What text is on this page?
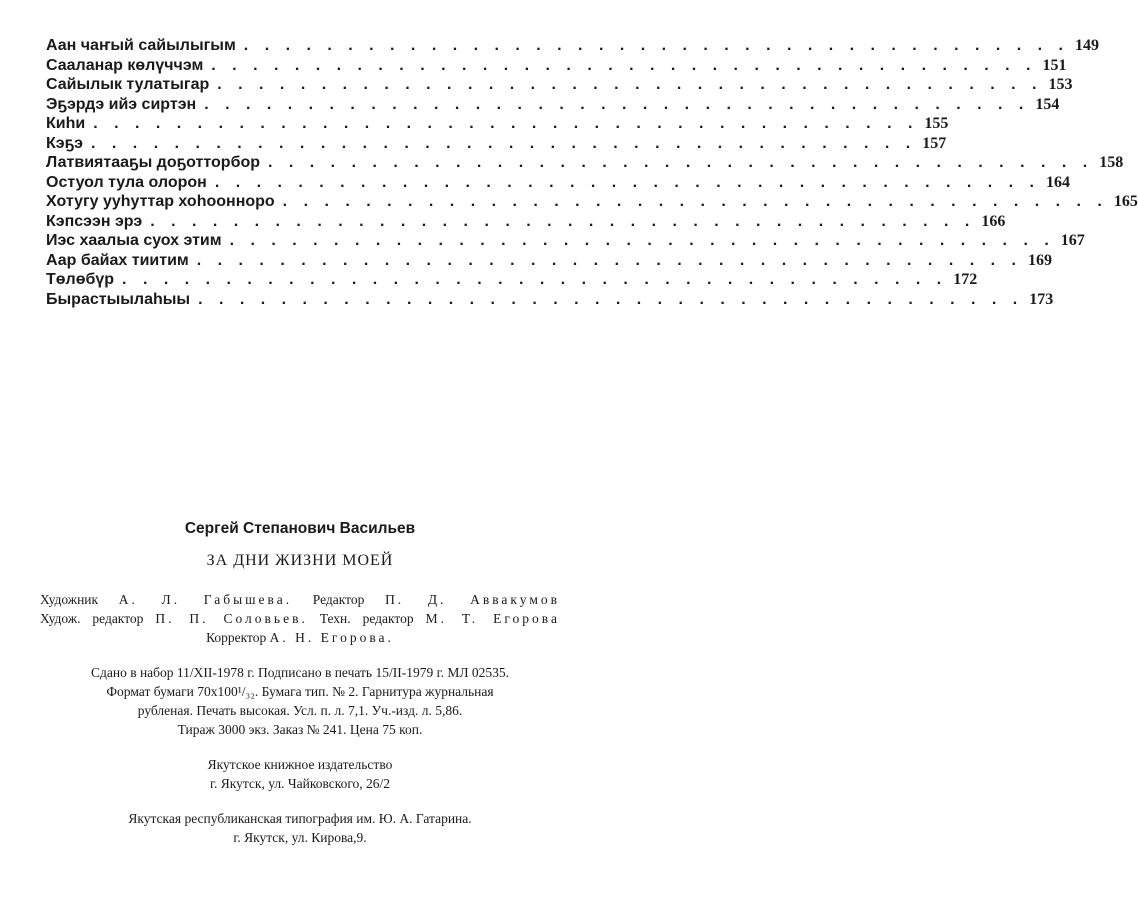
Аан чаҥый сайылыгым . . . . . . . . . . . . . . . . . . . . . . . . . . . . . . . . . . . . . . . . 149
Сааланар көлүччэм . . . . . . . . . . . . . . . . . . . . . . . . . . . . . . . . . . . . . . . . 151
Сайылык тулатыгар . . . . . . . . . . . . . . . . . . . . . . . . . . . . . . . . . . . . . . . . 153
Эҕэрдэ ийэ сиртэн . . . . . . . . . . . . . . . . . . . . . . . . . . . . . . . . . . . . . . . . 154
Киһи . . . . . . . . . . . . . . . . . . . . . . . . . . . . . . . . . . . . . . . . 155
Кэҕэ . . . . . . . . . . . . . . . . . . . . . . . . . . . . . . . . . . . . . . . . 157
Латвиятааҕы доҕотторбор . . . . . . . . . . . . . . . . . . . . . . . . . . . . . . . . . . . . . . . . 158
Остуол тула олорон . . . . . . . . . . . . . . . . . . . . . . . . . . . . . . . . . . . . . . . . 164
Хотугу ууһуттар хоһооннoро . . . . . . . . . . . . . . . . . . . . . . . . . . . . . . . . . . . . . . . . 165
Кэпсээн эрэ . . . . . . . . . . . . . . . . . . . . . . . . . . . . . . . . . . . . . . . . 166
Иэс хаалыа суох этим . . . . . . . . . . . . . . . . . . . . . . . . . . . . . . . . . . . . . . . . 167
Аар байах тиитим . . . . . . . . . . . . . . . . . . . . . . . . . . . . . . . . . . . . . . . . 169
Төлөбүр . . . . . . . . . . . . . . . . . . . . . . . . . . . . . . . . . . . . . . . . 172
Бырастыылаһыы . . . . . . . . . . . . . . . . . . . . . . . . . . . . . . . . . . . . . . . . 173

Сергей Степанович Васильев

ЗА ДНИ ЖИЗНИ МОЕЙ

Художник А. Л. Габышева. Редактор П. Д. Аввакумов
Худож. редактор П. П. Соловьев. Техн. редактор М. Т. Егорова
Корректор А. Н. Егорова.
Сдано в набор 11/XII-1978 г. Подписано в печать 15/II-1979 г. МЛ 02535.
Формат бумаги 70x100¹/₃₂. Бумага тип. № 2. Гарнитура журнальная
рубленая. Печать высокая. Усл. п. л. 7,1. Уч.-изд. л. 5,86.
Тираж 3000 экз. Заказ № 241. Цена 75 коп.
Якутское книжное издательство
г. Якутск, ул. Чайковского, 26/2
Якутская республиканская типография им. Ю. А. Гатарина.
г. Якутск, ул. Кирова,9.
